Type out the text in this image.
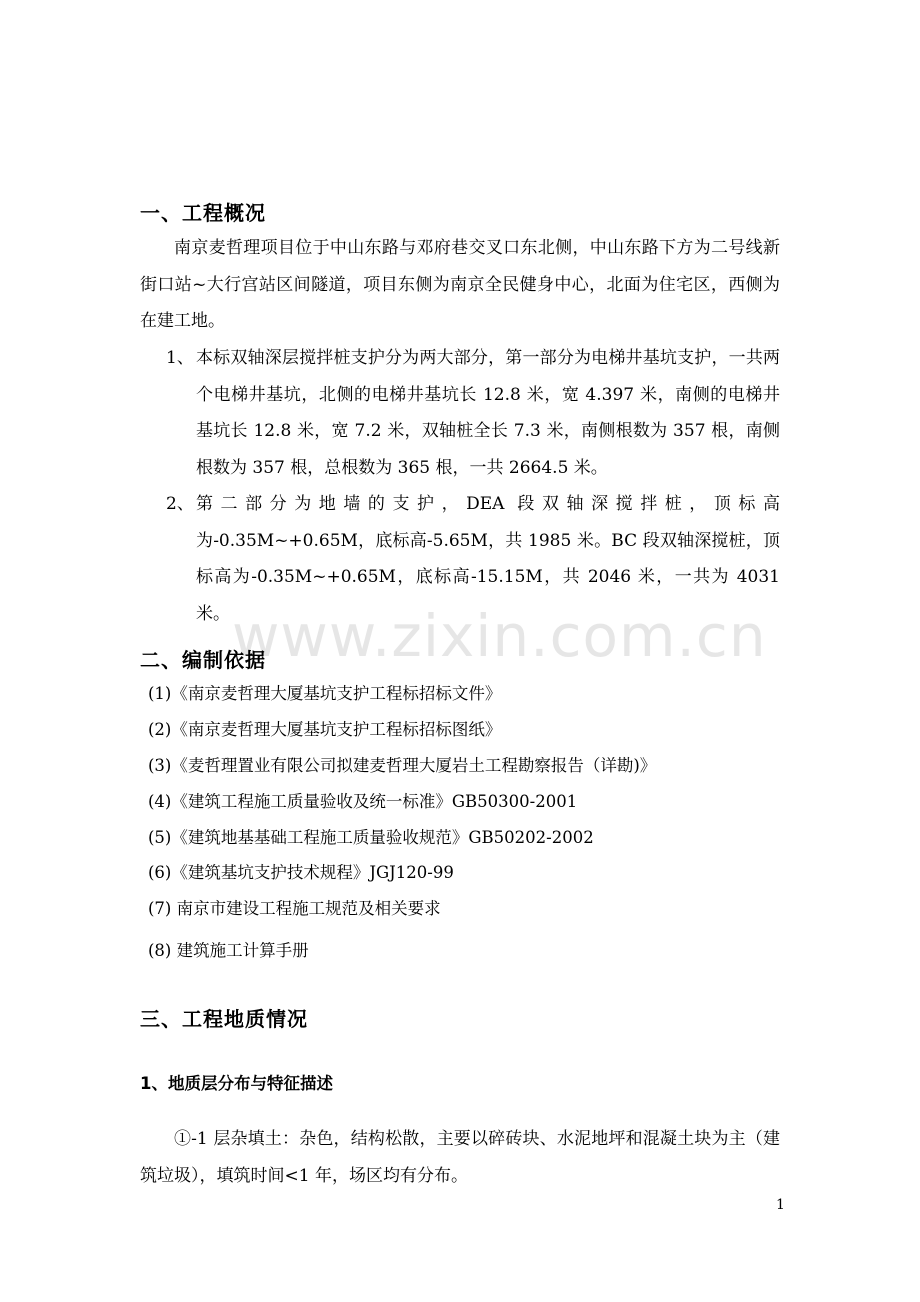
www.zixin.com.cn
一、工程概况
南京麦哲理项目位于中山东路与邓府巷交叉口东北侧，中山东路下方为二号线新街口站~大行宫站区间隧道，项目东侧为南京全民健身中心，北面为住宅区，西侧为在建工地。
1、 本标双轴深层搅拌桩支护分为两大部分，第一部分为电梯井基坑支护，一共两个电梯井基坑，北侧的电梯井基坑长 12.8 米，宽 4.397 米，南侧的电梯井基坑长 12.8 米，宽 7.2 米，双轴桩全长 7.3 米，南侧根数为 357 根，南侧根数为 357 根，总根数为 365 根，一共 2664.5 米。
2、 第二部分为地墙的支护，DEA 段双轴深搅拌桩，顶标高为-0.35M~+0.65M，底标高-5.65M，共 1985 米。BC 段双轴深搅桩，顶标高为-0.35M~+0.65M，底标高-15.15M，共 2046 米，一共为 4031 米。
二、编制依据
(1)《南京麦哲理大厦基坑支护工程标招标文件》
(2)《南京麦哲理大厦基坑支护工程标招标图纸》
(3)《麦哲理置业有限公司拟建麦哲理大厦岩土工程勘察报告（详勘)》
(4)《建筑工程施工质量验收及统一标准》GB50300-2001
(5)《建筑地基基础工程施工质量验收规范》GB50202-2002
(6)《建筑基坑支护技术规程》JGJ120-99
(7) 南京市建设工程施工规范及相关要求
(8) 建筑施工计算手册
三、工程地质情况
1、地质层分布与特征描述
①-1 层杂填土：杂色，结构松散，主要以碎砖块、水泥地坪和混凝土块为主（建筑垃圾），填筑时间<1 年，场区均有分布。
1
